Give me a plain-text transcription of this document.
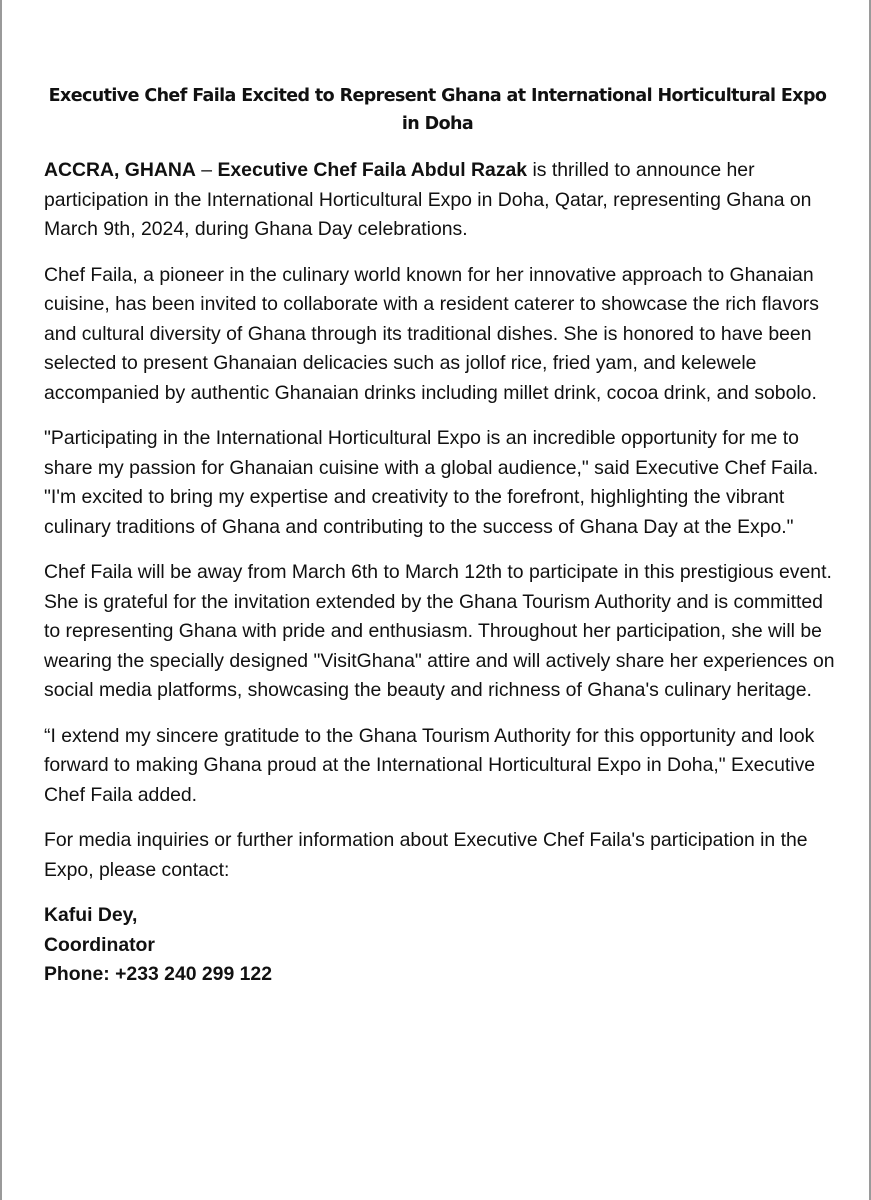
Executive Chef Faila Excited to Represent Ghana at International Horticultural Expo in Doha

ACCRA, GHANA – Executive Chef Faila Abdul Razak is thrilled to announce her participation in the International Horticultural Expo in Doha, Qatar, representing Ghana on March 9th, 2024, during Ghana Day celebrations.

Chef Faila, a pioneer in the culinary world known for her innovative approach to Ghanaian cuisine, has been invited to collaborate with a resident caterer to showcase the rich flavors and cultural diversity of Ghana through its traditional dishes. She is honored to have been selected to present Ghanaian delicacies such as jollof rice, fried yam, and kelewele accompanied by authentic Ghanaian drinks including millet drink, cocoa drink, and sobolo.

"Participating in the International Horticultural Expo is an incredible opportunity for me to share my passion for Ghanaian cuisine with a global audience," said Executive Chef Faila. "I'm excited to bring my expertise and creativity to the forefront, highlighting the vibrant culinary traditions of Ghana and contributing to the success of Ghana Day at the Expo."

Chef Faila will be away from March 6th to March 12th to participate in this prestigious event. She is grateful for the invitation extended by the Ghana Tourism Authority and is committed to representing Ghana with pride and enthusiasm. Throughout her participation, she will be wearing the specially designed "VisitGhana" attire and will actively share her experiences on social media platforms, showcasing the beauty and richness of Ghana's culinary heritage.

“I extend my sincere gratitude to the Ghana Tourism Authority for this opportunity and look forward to making Ghana proud at the International Horticultural Expo in Doha," Executive Chef Faila added.

For media inquiries or further information about Executive Chef Faila's participation in the Expo, please contact:

Kafui Dey,
Coordinator
Phone: +233 240 299 122
